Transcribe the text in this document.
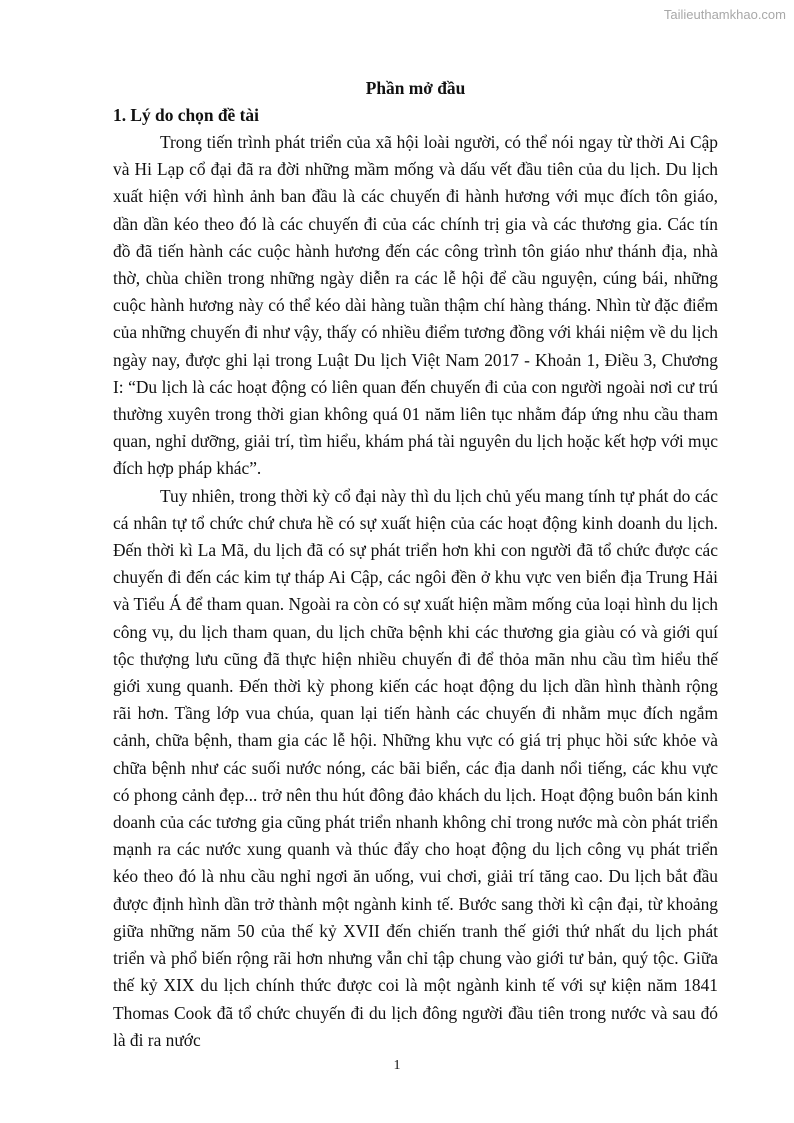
Tailieuthamkhao.com

Phần mở đầu

1. Lý do chọn đề tài

Trong tiến trình phát triển của xã hội loài người, có thể nói ngay từ thời Ai Cập và Hi Lạp cổ đại đã ra đời những mầm mống và dấu vết đầu tiên của du lịch. Du lịch xuất hiện với hình ảnh ban đầu là các chuyến đi hành hương với mục đích tôn giáo, dần dần kéo theo đó là các chuyến đi của các chính trị gia và các thương gia. Các tín đồ đã tiến hành các cuộc hành hương đến các công trình tôn giáo như thánh địa, nhà thờ, chùa chiền trong những ngày diễn ra các lễ hội để cầu nguyện, cúng bái, những cuộc hành hương này có thể kéo dài hàng tuần thậm chí hàng tháng. Nhìn từ đặc điểm của những chuyến đi như vậy, thấy có nhiều điểm tương đồng với khái niệm về du lịch ngày nay, được ghi lại trong Luật Du lịch Việt Nam 2017 - Khoản 1, Điều 3, Chương I: “Du lịch là các hoạt động có liên quan đến chuyến đi của con người ngoài nơi cư trú thường xuyên trong thời gian không quá 01 năm liên tục nhằm đáp ứng nhu cầu tham quan, nghỉ dưỡng, giải trí, tìm hiểu, khám phá tài nguyên du lịch hoặc kết hợp với mục đích hợp pháp khác”.

Tuy nhiên, trong thời kỳ cổ đại này thì du lịch chủ yếu mang tính tự phát do các cá nhân tự tổ chức chứ chưa hề có sự xuất hiện của các hoạt động kinh doanh du lịch. Đến thời kì La Mã, du lịch đã có sự phát triển hơn khi con người đã tổ chức được các chuyến đi đến các kim tự tháp Ai Cập, các ngôi đền ở khu vực ven biển địa Trung Hải và Tiểu Á để tham quan. Ngoài ra còn có sự xuất hiện mầm mống của loại hình du lịch công vụ, du lịch tham quan, du lịch chữa bệnh khi các thương gia giàu có và giới quí tộc thượng lưu cũng đã thực hiện nhiều chuyến đi để thỏa mãn nhu cầu tìm hiểu thế giới xung quanh. Đến thời kỳ phong kiến các hoạt động du lịch dần hình thành rộng rãi hơn. Tầng lớp vua chúa, quan lại tiến hành các chuyến đi nhằm mục đích ngắm cảnh, chữa bệnh, tham gia các lễ hội. Những khu vực có giá trị phục hồi sức khỏe và chữa bệnh như các suối nước nóng, các bãi biển, các địa danh nổi tiếng, các khu vực có phong cảnh đẹp... trở nên thu hút đông đảo khách du lịch. Hoạt động buôn bán kinh doanh của các tương gia cũng phát triển nhanh không chỉ trong nước mà còn phát triển mạnh ra các nước xung quanh và thúc đẩy cho hoạt động du lịch công vụ phát triển kéo theo đó là nhu cầu nghỉ ngơi ăn uống, vui chơi, giải trí tăng cao. Du lịch bắt đầu được định hình dần trở thành một ngành kinh tế. Bước sang thời kì cận đại, từ khoảng giữa những năm 50 của thế kỷ XVII đến chiến tranh thế giới thứ nhất du lịch phát triển và phổ biến rộng rãi hơn nhưng vẫn chỉ tập chung vào giới tư bản, quý tộc. Giữa thế kỷ XIX du lịch chính thức được coi là một ngành kinh tế với sự kiện năm 1841 Thomas Cook đã tổ chức chuyến đi du lịch đông người đầu tiên trong nước và sau đó là đi ra nước

1
